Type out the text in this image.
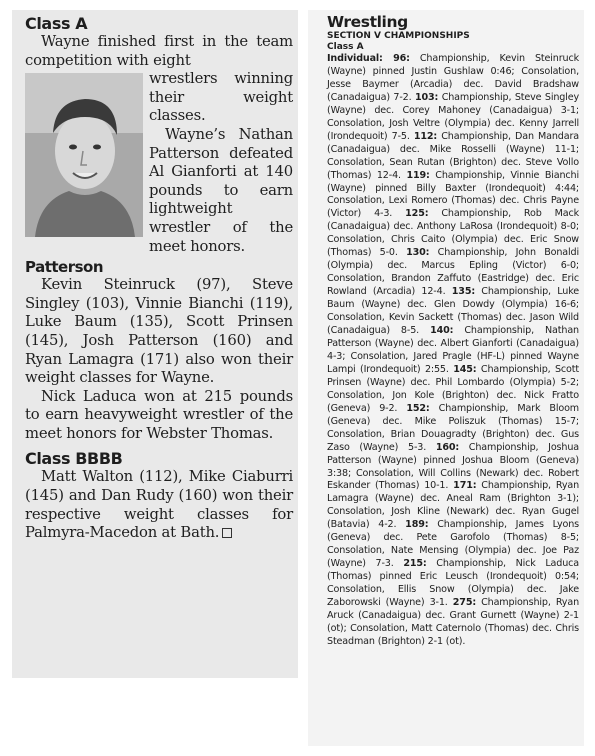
Class A

Wayne finished first in the team competition with eight

wrestlers winning their weight classes.

Wayne’s Nathan Patterson defeated Al Gianforti at 140 pounds to earn lightweight wrestler of the meet honors.

Patterson

Kevin Steinruck (97), Steve Singley (103), Vinnie Bianchi (119), Luke Baum (135), Scott Prinsen (145), Josh Patterson (160) and Ryan Lamagra (171) also won their weight classes for Wayne.

Nick Laduca won at 215 pounds to earn heavyweight wrestler of the meet honors for Webster Thomas.

Class BBBB

Matt Walton (112), Mike Ciaburri (145) and Dan Rudy (160) won their respective weight classes for Palmyra-Macedon at Bath.

Wrestling

SECTION V CHAMPIONSHIPS

Class A

Individual: 96: Championship, Kevin Steinruck (Wayne) pinned Justin Gushlaw 0:46; Consolation, Jesse Baymer (Arcadia) dec. David Bradshaw (Canadaigua) 7-2. 103: Championship, Steve Singley (Wayne) dec. Corey Mahoney (Canadaigua) 3-1; Consolation, Josh Veltre (Olympia) dec. Kenny Jarrell (Irondequoit) 7-5. 112: Championship, Dan Mandara (Canadaigua) dec. Mike Rosselli (Wayne) 11-1; Consolation, Sean Rutan (Brighton) dec. Steve Vollo (Thomas) 12-4. 119: Championship, Vinnie Bianchi (Wayne) pinned Billy Baxter (Irondequoit) 4:44; Consolation, Lexi Romero (Thomas) dec. Chris Payne (Victor) 4-3. 125: Championship, Rob Mack (Canadaigua) dec. Anthony LaRosa (Irondequoit) 8-0; Consolation, Chris Caito (Olympia) dec. Eric Snow (Thomas) 5-0. 130: Championship, John Bonaldi (Olympia) dec. Marcus Epling (Victor) 6-0; Consolation, Brandon Zaffuto (Eastridge) dec. Eric Rowland (Arcadia) 12-4. 135: Championship, Luke Baum (Wayne) dec. Glen Dowdy (Olympia) 16-6; Consolation, Kevin Sackett (Thomas) dec. Jason Wild (Canadaigua) 8-5. 140: Championship, Nathan Patterson (Wayne) dec. Albert Gianforti (Canadaigua) 4-3; Consolation, Jared Pragle (HF-L) pinned Wayne Lampi (Irondequoit) 2:55. 145: Championship, Scott Prinsen (Wayne) dec. Phil Lombardo (Olympia) 5-2; Consolation, Jon Kole (Brighton) dec. Nick Fratto (Geneva) 9-2. 152: Championship, Mark Bloom (Geneva) dec. Mike Poliszuk (Thomas) 15-7; Consolation, Brian Douagradty (Brighton) dec. Gus Zaso (Wayne) 5-3. 160: Championship, Joshua Patterson (Wayne) pinned Joshua Bloom (Geneva) 3:38; Consolation, Will Collins (Newark) dec. Robert Eskander (Thomas) 10-1. 171: Championship, Ryan Lamagra (Wayne) dec. Aneal Ram (Brighton 3-1); Consolation, Josh Kline (Newark) dec. Ryan Gugel (Batavia) 4-2. 189: Championship, James Lyons (Geneva) dec. Pete Garofolo (Thomas) 8-5; Consolation, Nate Mensing (Olympia) dec. Joe Paz (Wayne) 7-3. 215: Championship, Nick Laduca (Thomas) pinned Eric Leusch (Irondequoit) 0:54; Consolation, Ellis Snow (Olympia) dec. Jake Zaborowski (Wayne) 3-1. 275: Championship, Ryan Aruck (Canadaigua) dec. Grant Gurnett (Wayne) 2-1 (ot); Consolation, Matt Caternolo (Thomas) dec. Chris Steadman (Brighton) 2-1 (ot).
